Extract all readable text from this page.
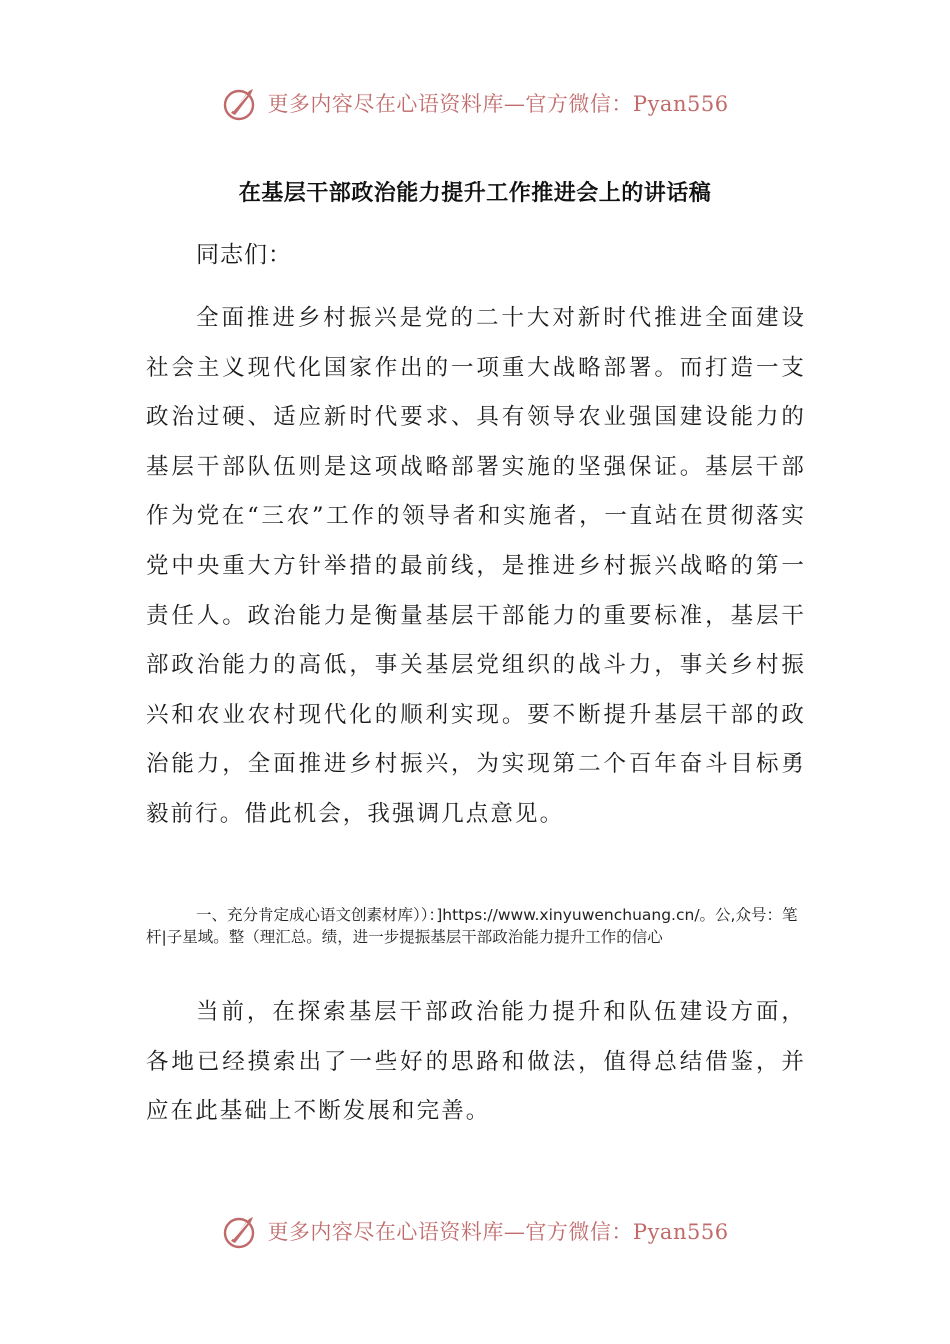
更多内容尽在心语资料库—官方微信：Pyan556
在基层干部政治能力提升工作推进会上的讲话稿
同志们：
全面推进乡村振兴是党的二十大对新时代推进全面建设社会主义现代化国家作出的一项重大战略部署。而打造一支政治过硬、适应新时代要求、具有领导农业强国建设能力的基层干部队伍则是这项战略部署实施的坚强保证。基层干部作为党在“三农”工作的领导者和实施者，一直站在贯彻落实党中央重大方针举措的最前线，是推进乡村振兴战略的第一责任人。政治能力是衡量基层干部能力的重要标准，基层干部政治能力的高低，事关基层党组织的战斗力，事关乡村振兴和农业农村现代化的顺利实现。要不断提升基层干部的政治能力，全面推进乡村振兴，为实现第二个百年奋斗目标勇毅前行。借此机会，我强调几点意见。
一、充分肯定成心语文创素材库））：]https://www.xinyuwenchuang.cn/。公,众号：笔杆|子星域。整（理汇总。绩，进一步提振基层干部政治能力提升工作的信心
当前，在探索基层干部政治能力提升和队伍建设方面，各地已经摸索出了一些好的思路和做法，值得总结借鉴，并应在此基础上不断发展和完善。
更多内容尽在心语资料库—官方微信：Pyan556
